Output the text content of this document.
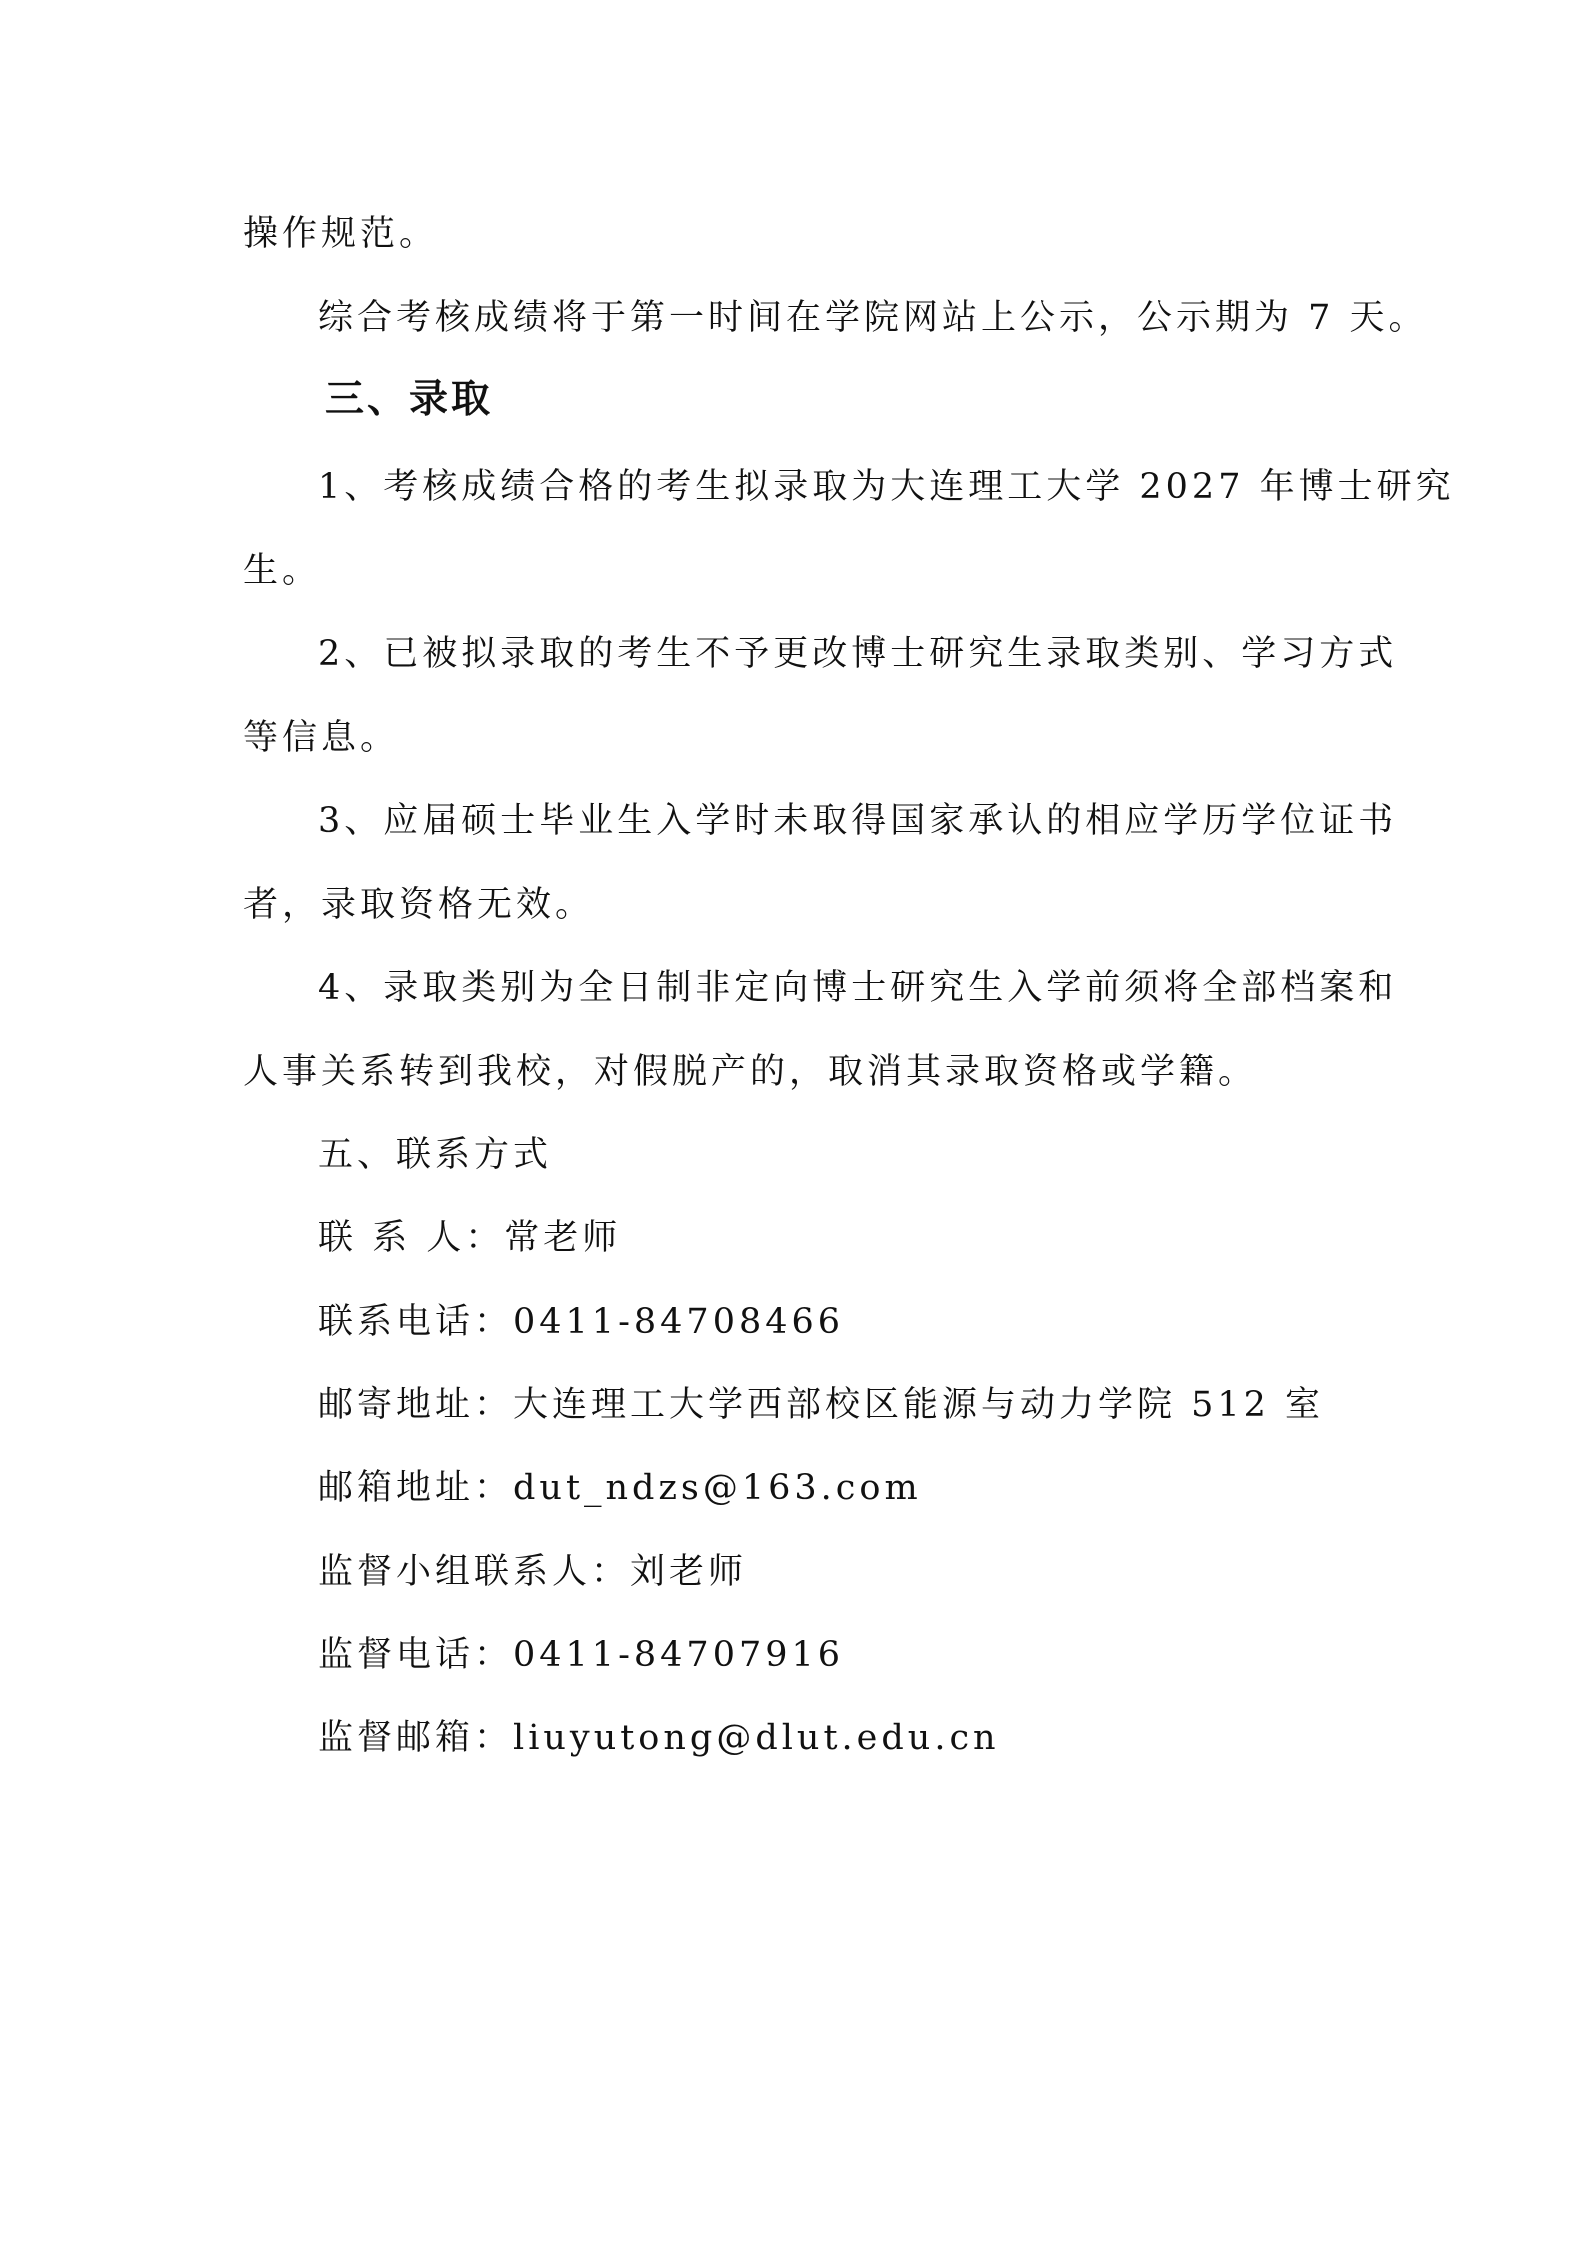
操作规范。
综合考核成绩将于第一时间在学院网站上公示，公示期为 7 天。
三、录取
1、考核成绩合格的考生拟录取为大连理工大学 2027 年博士研究
生。
2、已被拟录取的考生不予更改博士研究生录取类别、学习方式
等信息。
3、应届硕士毕业生入学时未取得国家承认的相应学历学位证书
者，录取资格无效。
4、录取类别为全日制非定向博士研究生入学前须将全部档案和
人事关系转到我校，对假脱产的，取消其录取资格或学籍。
五、联系方式
联 系 人：常老师
联系电话：0411-84708466
邮寄地址：大连理工大学西部校区能源与动力学院 512 室
邮箱地址：dut_ndzs@163.com
监督小组联系人：刘老师
监督电话：0411-84707916
监督邮箱：liuyutong@dlut.edu.cn
